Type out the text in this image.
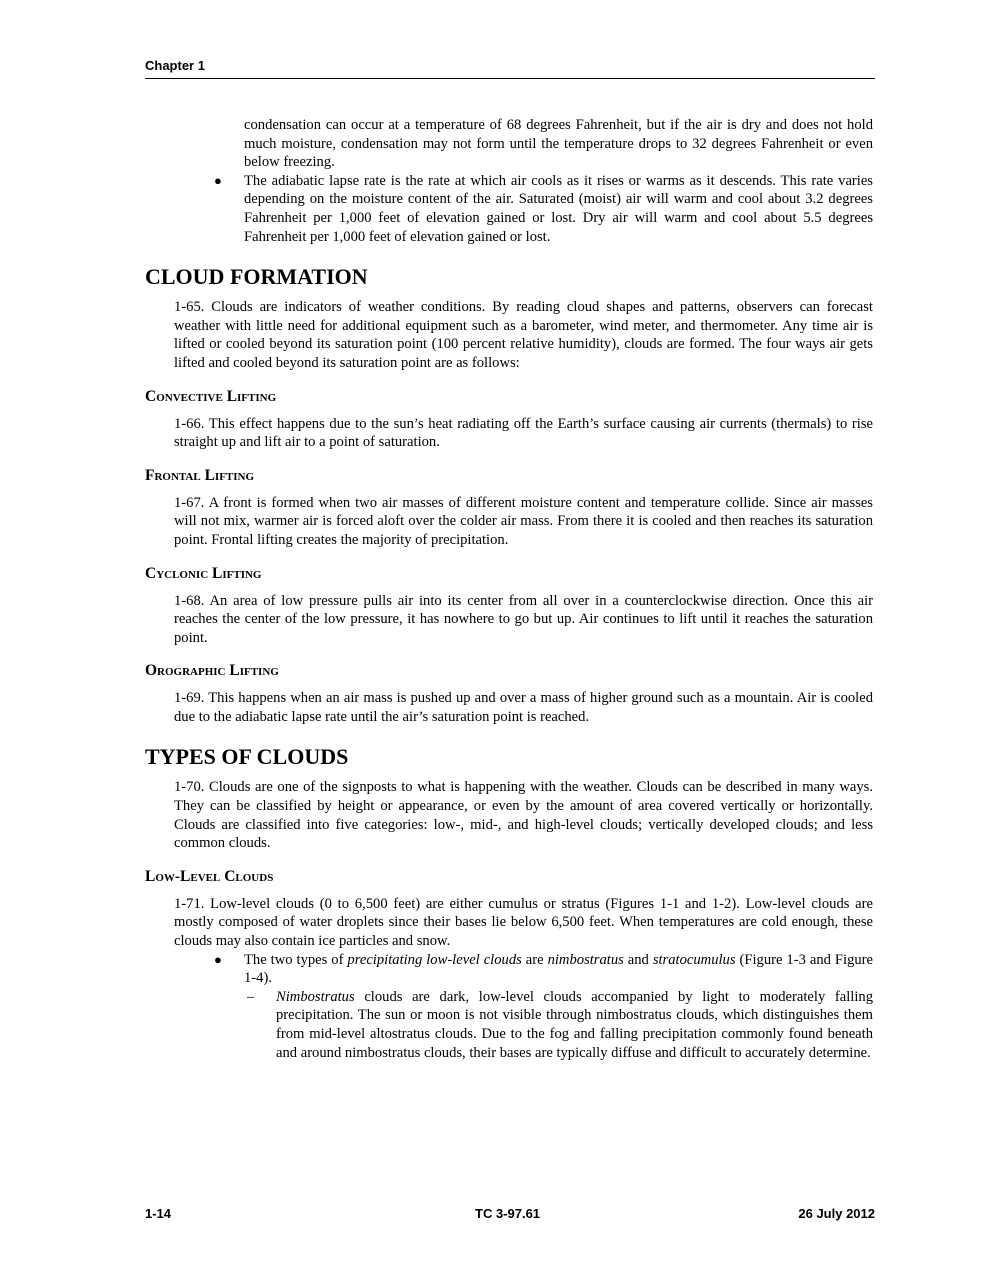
Chapter 1
condensation can occur at a temperature of 68 degrees Fahrenheit, but if the air is dry and does not hold much moisture, condensation may not form until the temperature drops to 32 degrees Fahrenheit or even below freezing.
● The adiabatic lapse rate is the rate at which air cools as it rises or warms as it descends. This rate varies depending on the moisture content of the air. Saturated (moist) air will warm and cool about 3.2 degrees Fahrenheit per 1,000 feet of elevation gained or lost. Dry air will warm and cool about 5.5 degrees Fahrenheit per 1,000 feet of elevation gained or lost.
CLOUD FORMATION

1-65. Clouds are indicators of weather conditions. By reading cloud shapes and patterns, observers can forecast weather with little need for additional equipment such as a barometer, wind meter, and thermometer. Any time air is lifted or cooled beyond its saturation point (100 percent relative humidity), clouds are formed. The four ways air gets lifted and cooled beyond its saturation point are as follows:

Convective Lifting

1-66. This effect happens due to the sun’s heat radiating off the Earth’s surface causing air currents (thermals) to rise straight up and lift air to a point of saturation.

Frontal Lifting

1-67. A front is formed when two air masses of different moisture content and temperature collide. Since air masses will not mix, warmer air is forced aloft over the colder air mass. From there it is cooled and then reaches its saturation point. Frontal lifting creates the majority of precipitation.

Cyclonic Lifting

1-68. An area of low pressure pulls air into its center from all over in a counterclockwise direction. Once this air reaches the center of the low pressure, it has nowhere to go but up. Air continues to lift until it reaches the saturation point.

Orographic Lifting

1-69. This happens when an air mass is pushed up and over a mass of higher ground such as a mountain. Air is cooled due to the adiabatic lapse rate until the air’s saturation point is reached.

TYPES OF CLOUDS

1-70. Clouds are one of the signposts to what is happening with the weather. Clouds can be described in many ways. They can be classified by height or appearance, or even by the amount of area covered vertically or horizontally. Clouds are classified into five categories: low-, mid-, and high-level clouds; vertically developed clouds; and less common clouds.

Low-Level Clouds

1-71. Low-level clouds (0 to 6,500 feet) are either cumulus or stratus (Figures 1-1 and 1-2). Low-level clouds are mostly composed of water droplets since their bases lie below 6,500 feet. When temperatures are cold enough, these clouds may also contain ice particles and snow.

● The two types of precipitating low-level clouds are nimbostratus and stratocumulus (Figure 1-3 and Figure 1-4).
– Nimbostratus clouds are dark, low-level clouds accompanied by light to moderately falling precipitation. The sun or moon is not visible through nimbostratus clouds, which distinguishes them from mid-level altostratus clouds. Due to the fog and falling precipitation commonly found beneath and around nimbostratus clouds, their bases are typically diffuse and difficult to accurately determine.
1-14	TC 3-97.61	26 July 2012
